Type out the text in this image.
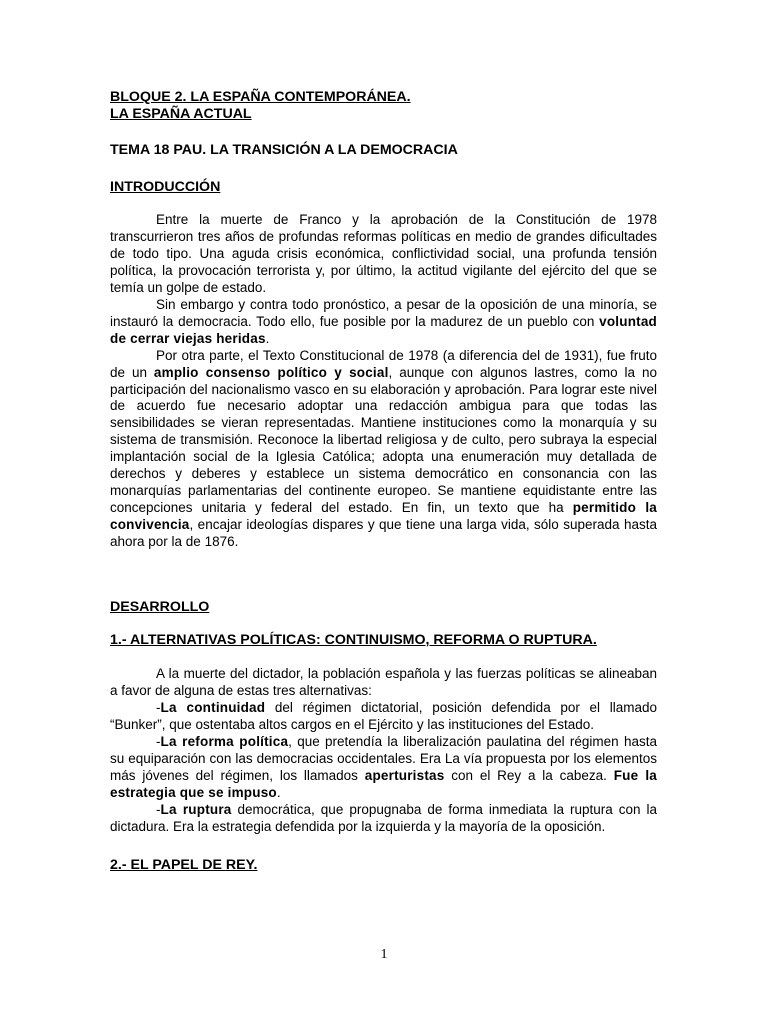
BLOQUE 2. LA ESPAÑA CONTEMPORÁNEA.
LA ESPAÑA ACTUAL
TEMA 18 PAU. LA TRANSICIÓN A LA DEMOCRACIA
INTRODUCCIÓN

Entre la muerte de Franco y la aprobación de la Constitución de 1978 transcurrieron tres años de profundas reformas políticas en medio de grandes dificultades de todo tipo. Una aguda crisis económica, conflictividad social, una profunda tensión política, la provocación terrorista y, por último, la actitud vigilante del ejército del que se temía un golpe de estado.

Sin embargo y contra todo pronóstico, a pesar de la oposición de una minoría, se instauró la democracia. Todo ello, fue posible por la madurez de un pueblo con voluntad de cerrar viejas heridas.

Por otra parte, el Texto Constitucional de 1978 (a diferencia del de 1931), fue fruto de un amplio consenso político y social, aunque con algunos lastres, como la no participación del nacionalismo vasco en su elaboración y aprobación. Para lograr este nivel de acuerdo fue necesario adoptar una redacción ambigua para que todas las sensibilidades se vieran representadas. Mantiene instituciones como la monarquía y su sistema de transmisión. Reconoce la libertad religiosa y de culto, pero subraya la especial implantación social de la Iglesia Católica; adopta una enumeración muy detallada de derechos y deberes y establece un sistema democrático en consonancia con las monarquías parlamentarias del continente europeo. Se mantiene equidistante entre las concepciones unitaria y federal del estado. En fin, un texto que ha permitido la convivencia, encajar ideologías dispares y que tiene una larga vida, sólo superada hasta ahora por la de 1876.

DESARROLLO
1.- ALTERNATIVAS POLÍTICAS: CONTINUISMO, REFORMA O RUPTURA.

A la muerte del dictador, la población española y las fuerzas políticas se alineaban a favor de alguna de estas tres alternativas:

-La continuidad del régimen dictatorial, posición defendida por el llamado “Bunker”, que ostentaba altos cargos en el Ejército y las instituciones del Estado.

-La reforma política, que pretendía la liberalización paulatina del régimen hasta su equiparación con las democracias occidentales. Era La vía propuesta por los elementos más jóvenes del régimen, los llamados aperturistas con el Rey a la cabeza. Fue la estrategia que se impuso.

-La ruptura democrática, que propugnaba de forma inmediata la ruptura con la dictadura. Era la estrategia defendida por la izquierda y la mayoría de la oposición.

2.- EL PAPEL DE REY.
1
